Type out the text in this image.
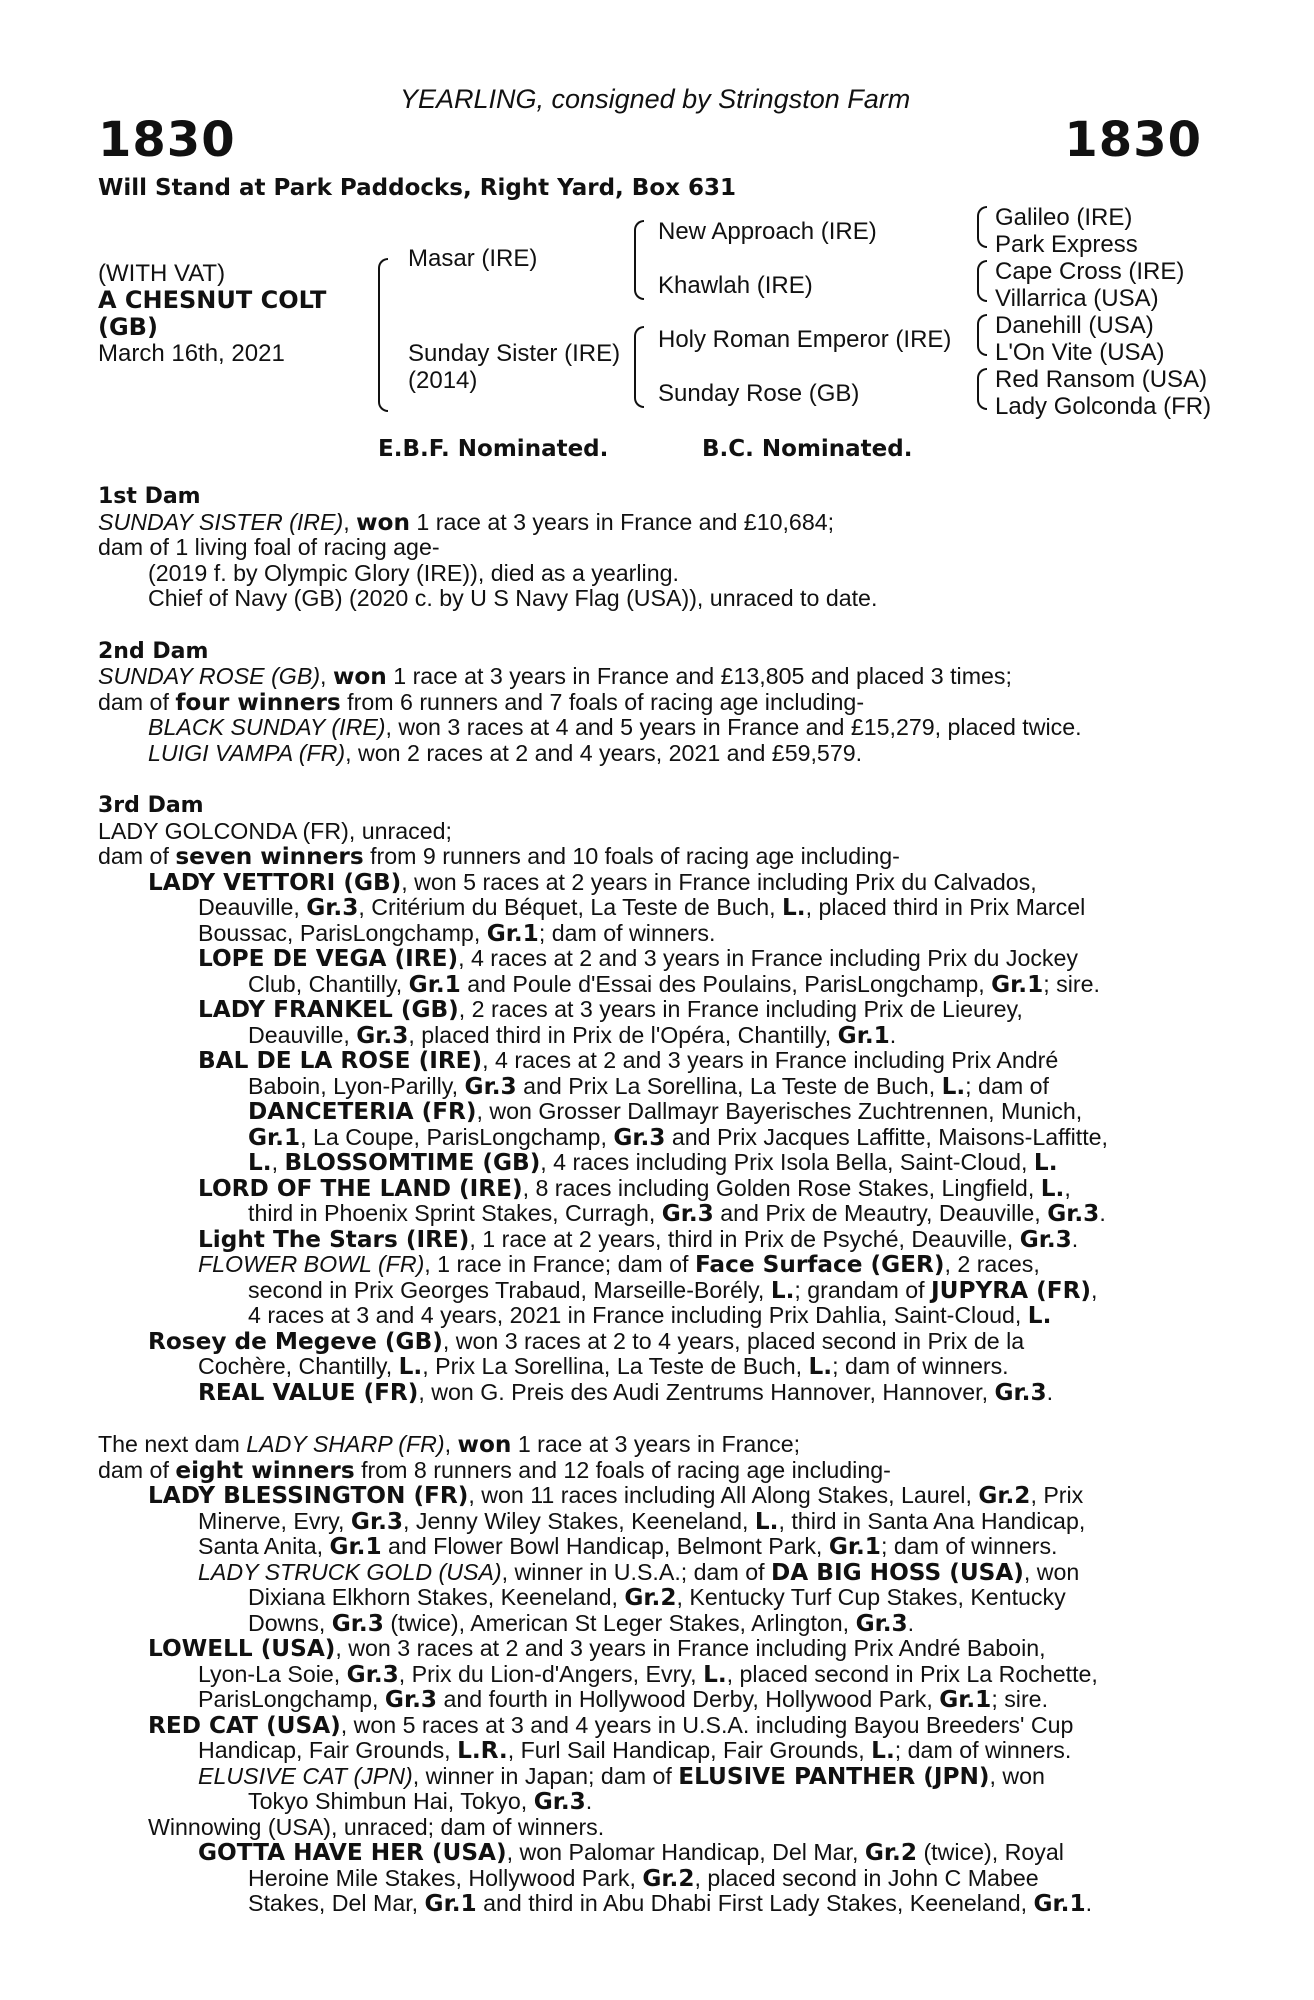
YEARLING, consigned by Stringston Farm
1830	1830
Will Stand at Park Paddocks, Right Yard, Box 631
(WITH VAT)
A CHESNUT COLT
(GB)
March 16th, 2021
Masar (IRE)
Sunday Sister (IRE)
(2014)
New Approach (IRE)
Khawlah (IRE)
Holy Roman Emperor (IRE)
Sunday Rose (GB)
Galileo (IRE)
Park Express
Cape Cross (IRE)
Villarrica (USA)
Danehill (USA)
L'On Vite (USA)
Red Ransom (USA)
Lady Golconda (FR)
E.B.F. Nominated.	B.C. Nominated.
1st Dam
SUNDAY SISTER (IRE), won 1 race at 3 years in France and £10,684;
dam of 1 living foal of racing age-
(2019 f. by Olympic Glory (IRE)), died as a yearling.
Chief of Navy (GB) (2020 c. by U S Navy Flag (USA)), unraced to date.
2nd Dam
SUNDAY ROSE (GB), won 1 race at 3 years in France and £13,805 and placed 3 times;
dam of four winners from 6 runners and 7 foals of racing age including-
BLACK SUNDAY (IRE), won 3 races at 4 and 5 years in France and £15,279, placed twice.
LUIGI VAMPA (FR), won 2 races at 2 and 4 years, 2021 and £59,579.
3rd Dam
LADY GOLCONDA (FR), unraced;
dam of seven winners from 9 runners and 10 foals of racing age including-
LADY VETTORI (GB), won 5 races at 2 years in France including Prix du Calvados,
Deauville, Gr.3, Critérium du Béquet, La Teste de Buch, L., placed third in Prix Marcel
Boussac, ParisLongchamp, Gr.1; dam of winners.
LOPE DE VEGA (IRE), 4 races at 2 and 3 years in France including Prix du Jockey
Club, Chantilly, Gr.1 and Poule d'Essai des Poulains, ParisLongchamp, Gr.1; sire.
LADY FRANKEL (GB), 2 races at 3 years in France including Prix de Lieurey,
Deauville, Gr.3, placed third in Prix de l'Opéra, Chantilly, Gr.1.
BAL DE LA ROSE (IRE), 4 races at 2 and 3 years in France including Prix André
Baboin, Lyon-Parilly, Gr.3 and Prix La Sorellina, La Teste de Buch, L.; dam of
DANCETERIA (FR), won Grosser Dallmayr Bayerisches Zuchtrennen, Munich,
Gr.1, La Coupe, ParisLongchamp, Gr.3 and Prix Jacques Laffitte, Maisons-Laffitte,
L., BLOSSOMTIME (GB), 4 races including Prix Isola Bella, Saint-Cloud, L.
LORD OF THE LAND (IRE), 8 races including Golden Rose Stakes, Lingfield, L.,
third in Phoenix Sprint Stakes, Curragh, Gr.3 and Prix de Meautry, Deauville, Gr.3.
Light The Stars (IRE), 1 race at 2 years, third in Prix de Psyché, Deauville, Gr.3.
FLOWER BOWL (FR), 1 race in France; dam of Face Surface (GER), 2 races,
second in Prix Georges Trabaud, Marseille-Borély, L.; grandam of JUPYRA (FR),
4 races at 3 and 4 years, 2021 in France including Prix Dahlia, Saint-Cloud, L.
Rosey de Megeve (GB), won 3 races at 2 to 4 years, placed second in Prix de la
Cochère, Chantilly, L., Prix La Sorellina, La Teste de Buch, L.; dam of winners.
REAL VALUE (FR), won G. Preis des Audi Zentrums Hannover, Hannover, Gr.3.
The next dam LADY SHARP (FR), won 1 race at 3 years in France;
dam of eight winners from 8 runners and 12 foals of racing age including-
LADY BLESSINGTON (FR), won 11 races including All Along Stakes, Laurel, Gr.2, Prix
Minerve, Evry, Gr.3, Jenny Wiley Stakes, Keeneland, L., third in Santa Ana Handicap,
Santa Anita, Gr.1 and Flower Bowl Handicap, Belmont Park, Gr.1; dam of winners.
LADY STRUCK GOLD (USA), winner in U.S.A.; dam of DA BIG HOSS (USA), won
Dixiana Elkhorn Stakes, Keeneland, Gr.2, Kentucky Turf Cup Stakes, Kentucky
Downs, Gr.3 (twice), American St Leger Stakes, Arlington, Gr.3.
LOWELL (USA), won 3 races at 2 and 3 years in France including Prix André Baboin,
Lyon-La Soie, Gr.3, Prix du Lion-d'Angers, Evry, L., placed second in Prix La Rochette,
ParisLongchamp, Gr.3 and fourth in Hollywood Derby, Hollywood Park, Gr.1; sire.
RED CAT (USA), won 5 races at 3 and 4 years in U.S.A. including Bayou Breeders' Cup
Handicap, Fair Grounds, L.R., Furl Sail Handicap, Fair Grounds, L.; dam of winners.
ELUSIVE CAT (JPN), winner in Japan; dam of ELUSIVE PANTHER (JPN), won
Tokyo Shimbun Hai, Tokyo, Gr.3.
Winnowing (USA), unraced; dam of winners.
GOTTA HAVE HER (USA), won Palomar Handicap, Del Mar, Gr.2 (twice), Royal
Heroine Mile Stakes, Hollywood Park, Gr.2, placed second in John C Mabee
Stakes, Del Mar, Gr.1 and third in Abu Dhabi First Lady Stakes, Keeneland, Gr.1.
